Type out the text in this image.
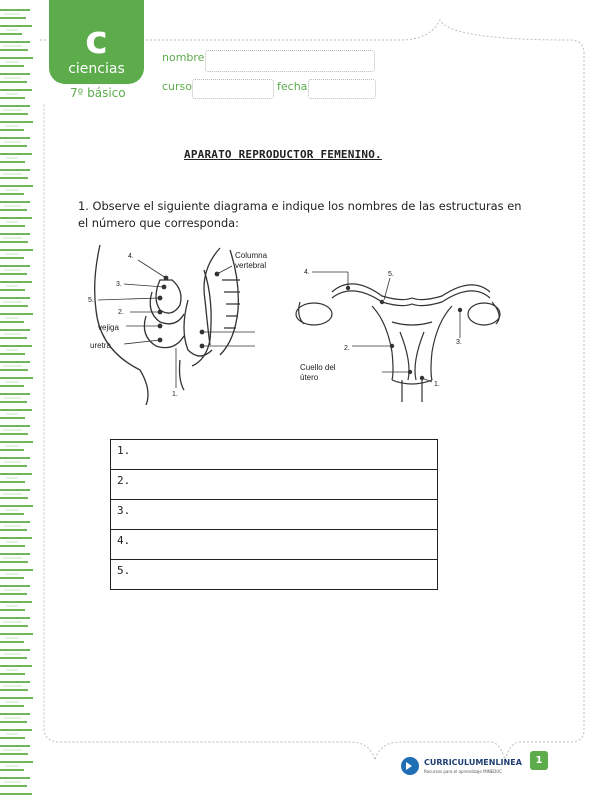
c
ciencias
7º básico
nombre
curso	fecha
APARATO REPRODUCTOR FEMENINO.
1. Observe el siguiente diagrama e indique los nombres de las estructuras en el número que corresponda:
4.
3.
5.
2.
1.
Columna
vertebral
vejiga
uretra
4.	5.
2.
3.
1.
Cuello del
útero
1.
2.
3.
4.
5.
CURRICULUMENLINEA
Recursos para el aprendizaje MINEDUC
1
